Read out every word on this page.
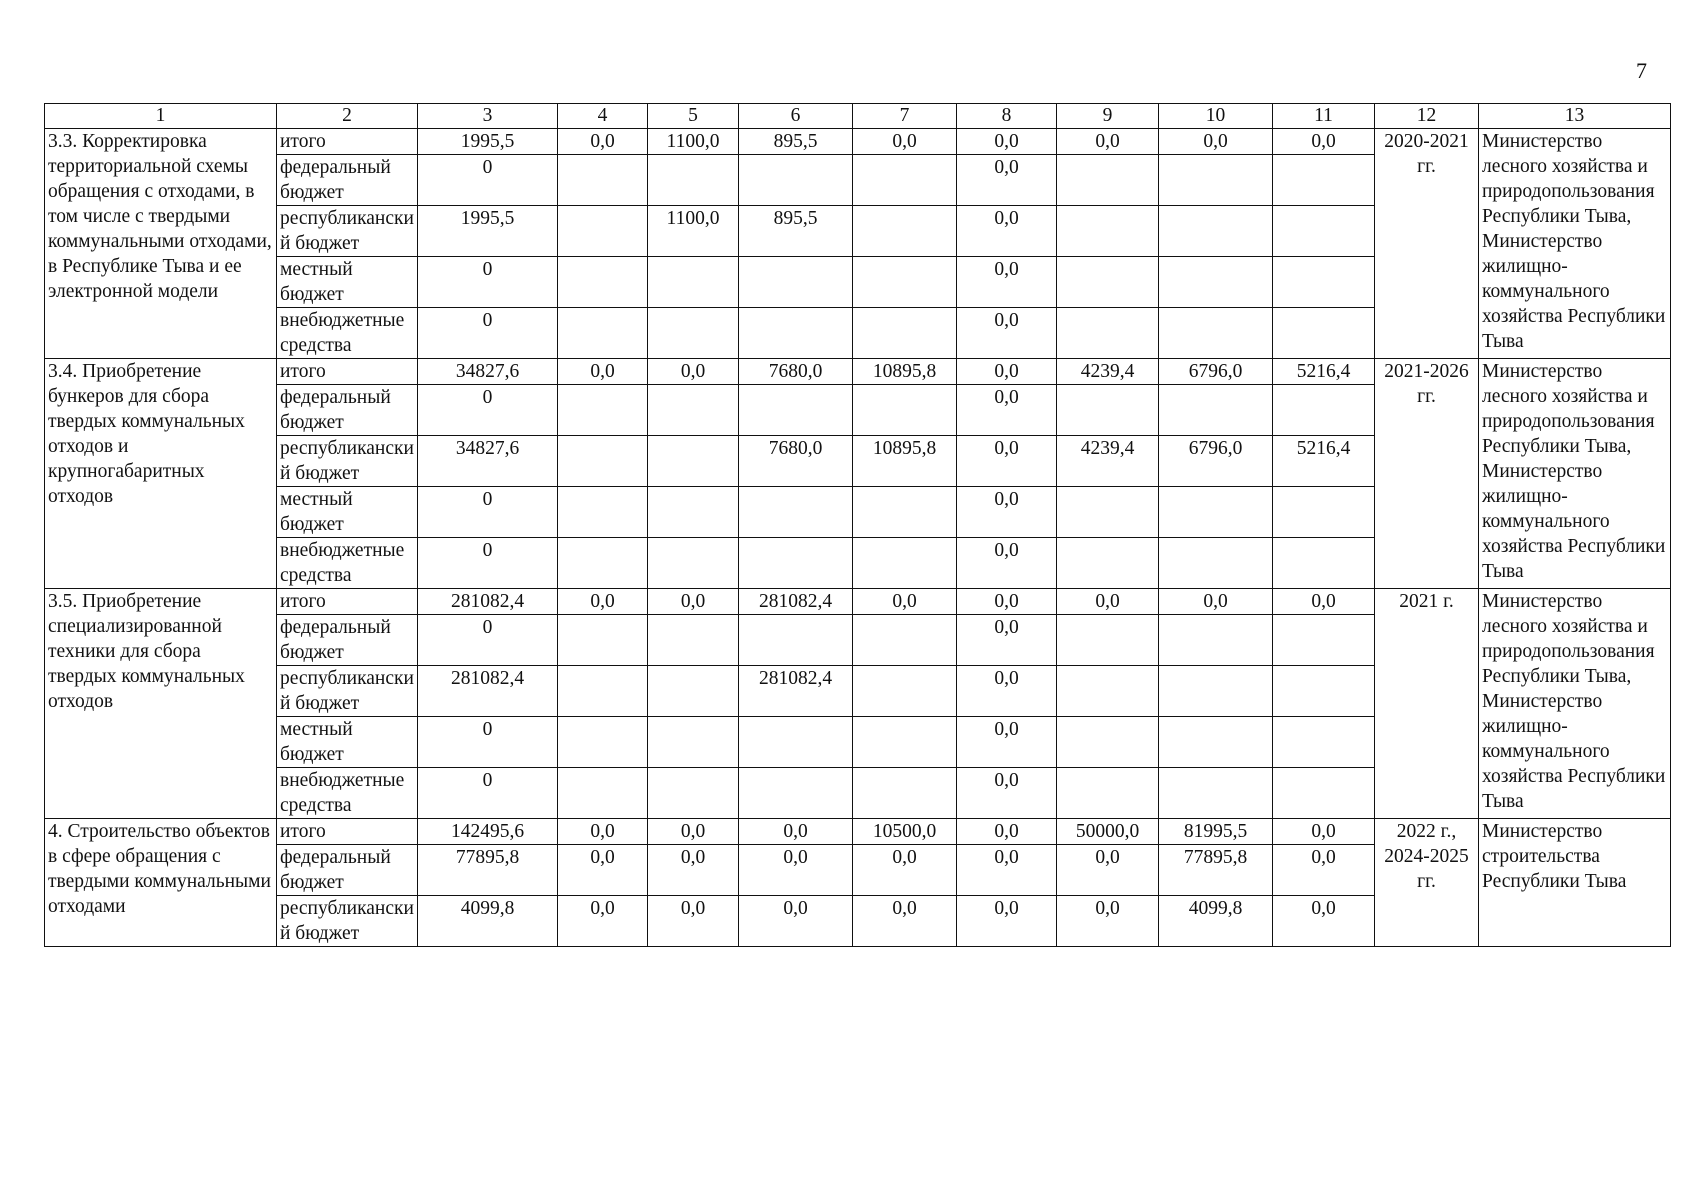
7
1	2	3	4	5	6	7	8	9	10	11	12	13
3.3. Корректировка территориальной схемы обращения с отходами, в том числе с твердыми коммунальными отходами, в Республике Тыва и ее электронной модели	итого	1995,5	0,0	1100,0	895,5	0,0	0,0	0,0	0,0	0,0	2020-2021 гг.	Министерство лесного хозяйства и природопользования Республики Тыва, Министерство жилищно-коммунального хозяйства Республики Тыва
	федеральный бюджет	0					0,0					
	республиканский бюджет	1995,5		1100,0	895,5		0,0					
	местный бюджет	0					0,0					
	внебюджетные средства	0					0,0					
3.4. Приобретение бункеров для сбора твердых коммунальных отходов и крупногабаритных отходов	итого	34827,6	0,0	0,0	7680,0	10895,8	0,0	4239,4	6796,0	5216,4	2021-2026 гг.	Министерство лесного хозяйства и природопользования Республики Тыва, Министерство жилищно-коммунального хозяйства Республики Тыва
	федеральный бюджет	0					0,0					
	республиканский бюджет	34827,6			7680,0	10895,8	0,0	4239,4	6796,0	5216,4		
	местный бюджет	0					0,0					
	внебюджетные средства	0					0,0					
3.5. Приобретение специализированной техники для сбора твердых коммунальных отходов	итого	281082,4	0,0	0,0	281082,4	0,0	0,0	0,0	0,0	0,0	2021 г.	Министерство лесного хозяйства и природопользования Республики Тыва, Министерство жилищно-коммунального хозяйства Республики Тыва
	федеральный бюджет	0					0,0					
	республиканский бюджет	281082,4			281082,4		0,0					
	местный бюджет	0					0,0					
	внебюджетные средства	0					0,0					
4. Строительство объектов в сфере обращения с твердыми коммунальными отходами	итого	142495,6	0,0	0,0	0,0	10500,0	0,0	50000,0	81995,5	0,0	2022 г., 2024-2025 гг.	Министерство строительства Республики Тыва
	федеральный бюджет	77895,8	0,0	0,0	0,0	0,0	0,0	0,0	77895,8	0,0		
	республиканский бюджет	4099,8	0,0	0,0	0,0	0,0	0,0	0,0	4099,8	0,0		
